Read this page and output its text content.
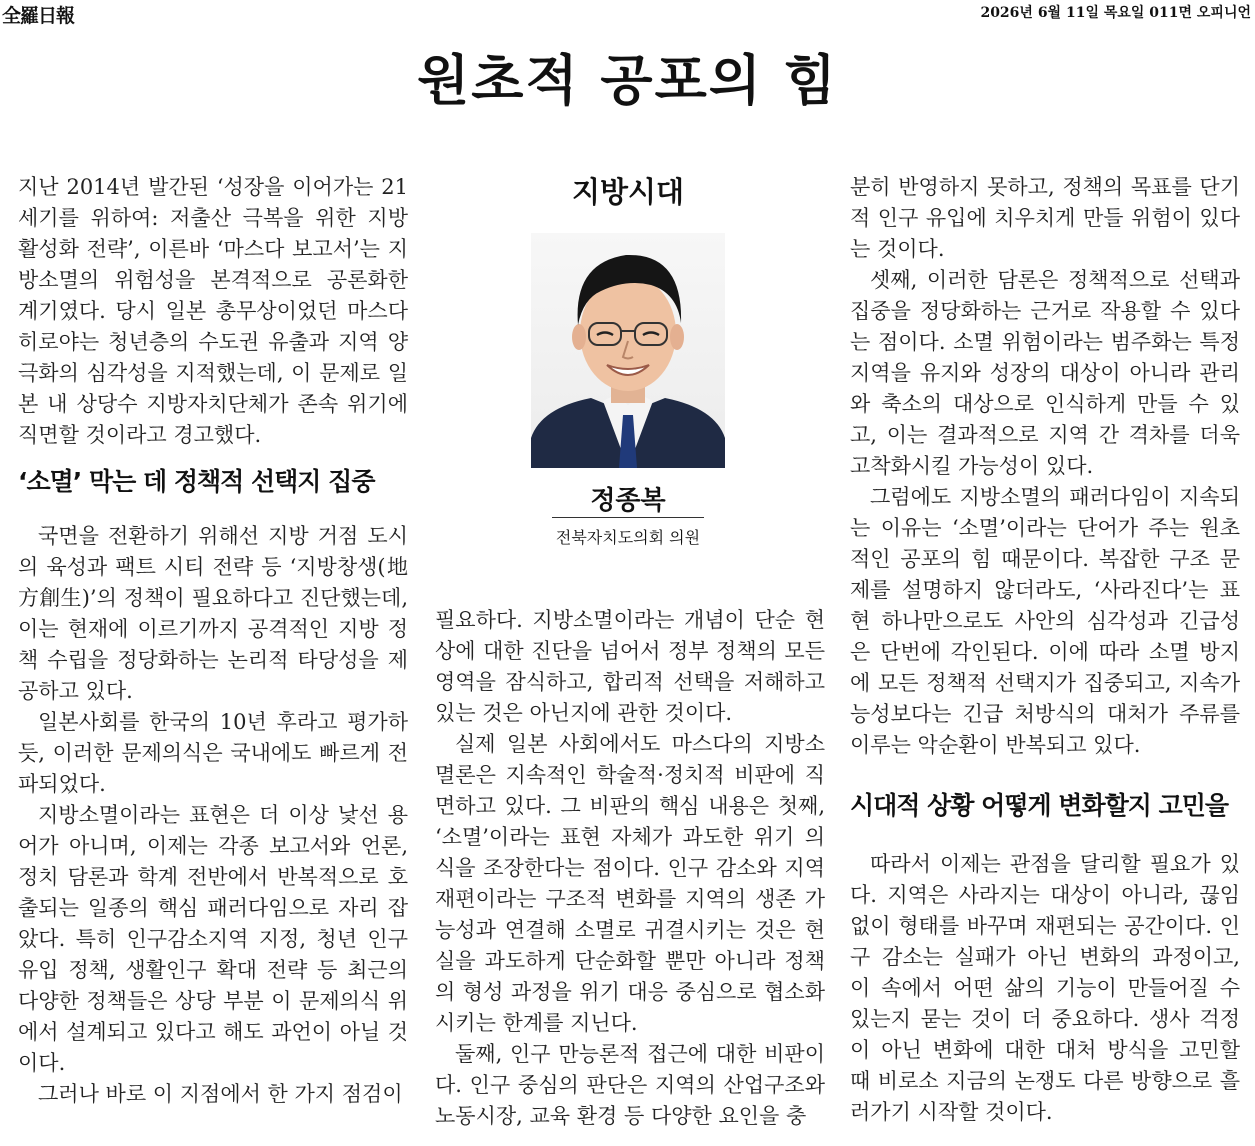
全羅日報	2026년 6월 11일 목요일 011면 오피니언
원초적 공포의 힘

지난 2014년 발간된 ‘성장을 이어가는 21세기를 위하여: 저출산 극복을 위한 지방 활성화 전략’, 이른바 ‘마스다 보고서’는 지방소멸의 위험성을 본격적으로 공론화한 계기였다. 당시 일본 총무상이었던 마스다 히로야는 청년층의 수도권 유출과 지역 양극화의 심각성을 지적했는데, 이 문제로 일본 내 상당수 지방자치단체가 존속 위기에 직면할 것이라고 경고했다.

‘소멸’ 막는 데 정책적 선택지 집중

국면을 전환하기 위해선 지방 거점 도시의 육성과 팩트 시티 전략 등 ‘지방창생(地方創生)’의 정책이 필요하다고 진단했는데, 이는 현재에 이르기까지 공격적인 지방 정책 수립을 정당화하는 논리적 타당성을 제공하고 있다.

일본사회를 한국의 10년 후라고 평가하듯, 이러한 문제의식은 국내에도 빠르게 전파되었다.

지방소멸이라는 표현은 더 이상 낯선 용어가 아니며, 이제는 각종 보고서와 언론, 정치 담론과 학계 전반에서 반복적으로 호출되는 일종의 핵심 패러다임으로 자리 잡았다. 특히 인구감소지역 지정, 청년 인구 유입 정책, 생활인구 확대 전략 등 최근의 다양한 정책들은 상당 부분 이 문제의식 위에서 설계되고 있다고 해도 과언이 아닐 것이다.

그러나 바로 이 지점에서 한 가지 점검이

지방시대
정종복
전북자치도의회 의원

필요하다. 지방소멸이라는 개념이 단순 현상에 대한 진단을 넘어서 정부 정책의 모든 영역을 잠식하고, 합리적 선택을 저해하고 있는 것은 아닌지에 관한 것이다.

실제 일본 사회에서도 마스다의 지방소멸론은 지속적인 학술적·정치적 비판에 직면하고 있다. 그 비판의 핵심 내용은 첫째, ‘소멸’이라는 표현 자체가 과도한 위기 의식을 조장한다는 점이다. 인구 감소와 지역 재편이라는 구조적 변화를 지역의 생존 가능성과 연결해 소멸로 귀결시키는 것은 현실을 과도하게 단순화할 뿐만 아니라 정책의 형성 과정을 위기 대응 중심으로 협소화시키는 한계를 지닌다.

둘째, 인구 만능론적 접근에 대한 비판이다. 인구 중심의 판단은 지역의 산업구조와 노동시장, 교육 환경 등 다양한 요인을 충

분히 반영하지 못하고, 정책의 목표를 단기적 인구 유입에 치우치게 만들 위험이 있다는 것이다.

셋째, 이러한 담론은 정책적으로 선택과 집중을 정당화하는 근거로 작용할 수 있다는 점이다. 소멸 위험이라는 범주화는 특정 지역을 유지와 성장의 대상이 아니라 관리와 축소의 대상으로 인식하게 만들 수 있고, 이는 결과적으로 지역 간 격차를 더욱 고착화시킬 가능성이 있다.

그럼에도 지방소멸의 패러다임이 지속되는 이유는 ‘소멸’이라는 단어가 주는 원초적인 공포의 힘 때문이다. 복잡한 구조 문제를 설명하지 않더라도, ‘사라진다’는 표현 하나만으로도 사안의 심각성과 긴급성은 단번에 각인된다. 이에 따라 소멸 방지에 모든 정책적 선택지가 집중되고, 지속가능성보다는 긴급 처방식의 대처가 주류를 이루는 악순환이 반복되고 있다.

시대적 상황 어떻게 변화할지 고민을

따라서 이제는 관점을 달리할 필요가 있다. 지역은 사라지는 대상이 아니라, 끊임없이 형태를 바꾸며 재편되는 공간이다. 인구 감소는 실패가 아닌 변화의 과정이고, 이 속에서 어떤 삶의 기능이 만들어질 수 있는지 묻는 것이 더 중요하다. 생사 걱정이 아닌 변화에 대한 대처 방식을 고민할 때 비로소 지금의 논쟁도 다른 방향으로 흘러가기 시작할 것이다.
